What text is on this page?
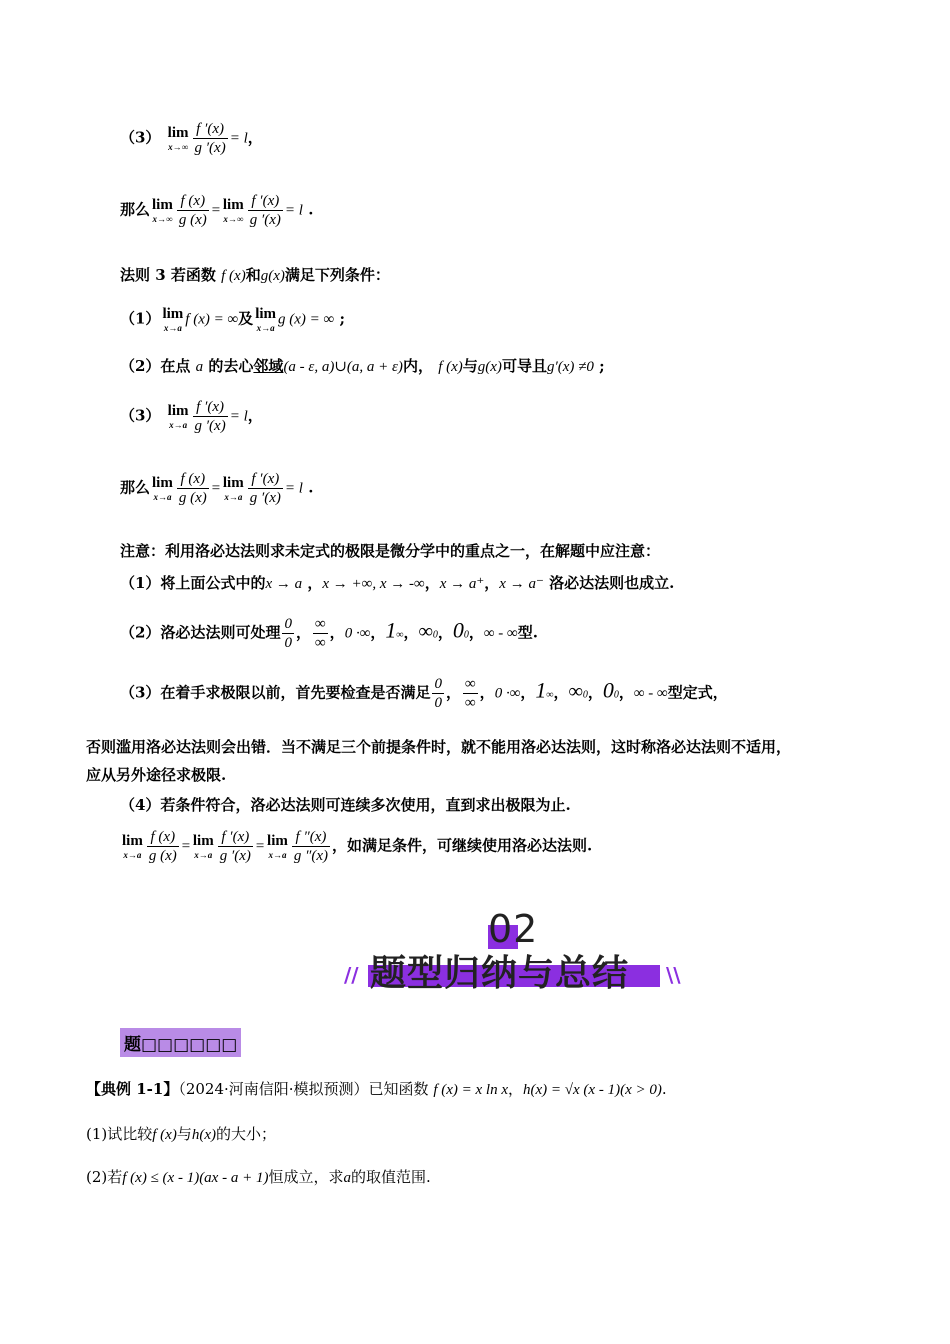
（3） lim
$x\to\infty \frac{f '(x)}{g '(x)} = l$，
那么 lim
$x\to\infty \frac{f (x)}{g (x)} = \lim$
$x\to\infty \frac{f '(x)}{g '(x)} = l$ .
法则 3 若函数 f (x)和g(x)满足下列条件：
（1） lim
x→a
f (x) = ∞及 lim
x→a
g (x) = ∞ ;
（2）在点 a 的去心邻域(a - ε, a)∪(a, a + ε)内， f (x)与g(x)可导且g′(x) ≠0 ;
（3） lim
$x\to a \frac{f '(x)}{g '(x)} = l$，
那么 lim
$x\to a \frac{f (x)}{g (x)} = \lim$
$x\to a \frac{f '(x)}{g '(x)} = l$ .
注意：利用洛必达法则求未定式的极限是微分学中的重点之一，在解题中应注意：
（1）将上面公式中的x → a ，x → +∞, x → -∞，x → a⁺，x → a⁻ 洛必达法则也成立.
（2）洛必达法则可处理 $\frac{0}{0}$ ， $\frac{\infty}{\infty}$ ，0 ·∞，1∞，∞0，00，∞ - ∞型.
（3）在着手求极限以前，首先要检查是否满足 $\frac{0}{0}$ ， $\frac{\infty}{\infty}$ ，0 ·∞，1∞，∞0，00，∞ - ∞型定式，
否则滥用洛必达法则会出错．当不满足三个前提条件时，就不能用洛必达法则，这时称洛必达法则不适用，
应从另外途径求极限.
（4）若条件符合，洛必达法则可连续多次使用，直到求出极限为止.
lim
$x\to a \frac{f (x)}{g (x)} = \lim$
$x\to a \frac{f '(x)}{g '(x)} = \lim$
$x\to a \frac{f ''(x)}{g ''(x)}$ ，如满足条件，可继续使用洛必达法则.
02
题型归纳与总结
//	\\
题□□□□□□
【典例 1-1】（2024·河南信阳·模拟预测）已知函数 f (x) = x ln x，h(x) = √x (x - 1)(x > 0).
(1)试比较f (x)与h(x)的大小；
(2)若f (x) ≤ (x - 1)(ax - a + 1)恒成立，求a的取值范围.
